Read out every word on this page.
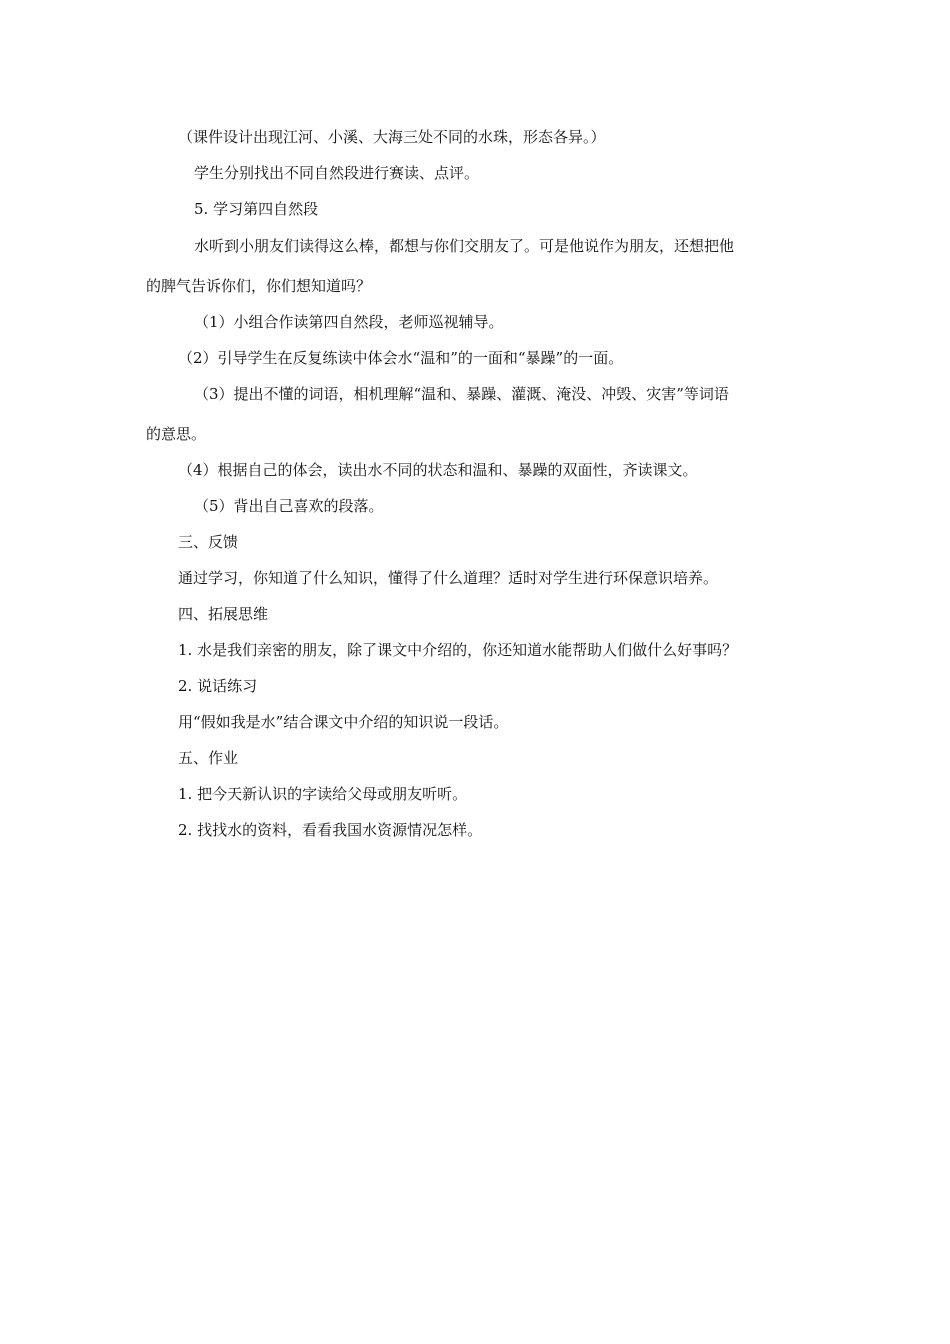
（课件设计出现江河、小溪、大海三处不同的水珠，形态各异。）
学生分别找出不同自然段进行赛读、点评。
5. 学习第四自然段
水听到小朋友们读得这么棒，都想与你们交朋友了。可是他说作为朋友，还想把他
的脾气告诉你们，你们想知道吗？
（1）小组合作读第四自然段，老师巡视辅导。
（2）引导学生在反复练读中体会水“温和”的一面和“暴躁”的一面。
（3）提出不懂的词语，相机理解“温和、暴躁、灌溉、淹没、冲毁、灾害”等词语
的意思。
（4）根据自己的体会，读出水不同的状态和温和、暴躁的双面性，齐读课文。
（5）背出自己喜欢的段落。
三、反馈
通过学习，你知道了什么知识，懂得了什么道理？适时对学生进行环保意识培养。
四、拓展思维
1. 水是我们亲密的朋友，除了课文中介绍的，你还知道水能帮助人们做什么好事吗？
2. 说话练习
用“假如我是水”结合课文中介绍的知识说一段话。
五、作业
1. 把今天新认识的字读给父母或朋友听听。
2. 找找水的资料，看看我国水资源情况怎样。
